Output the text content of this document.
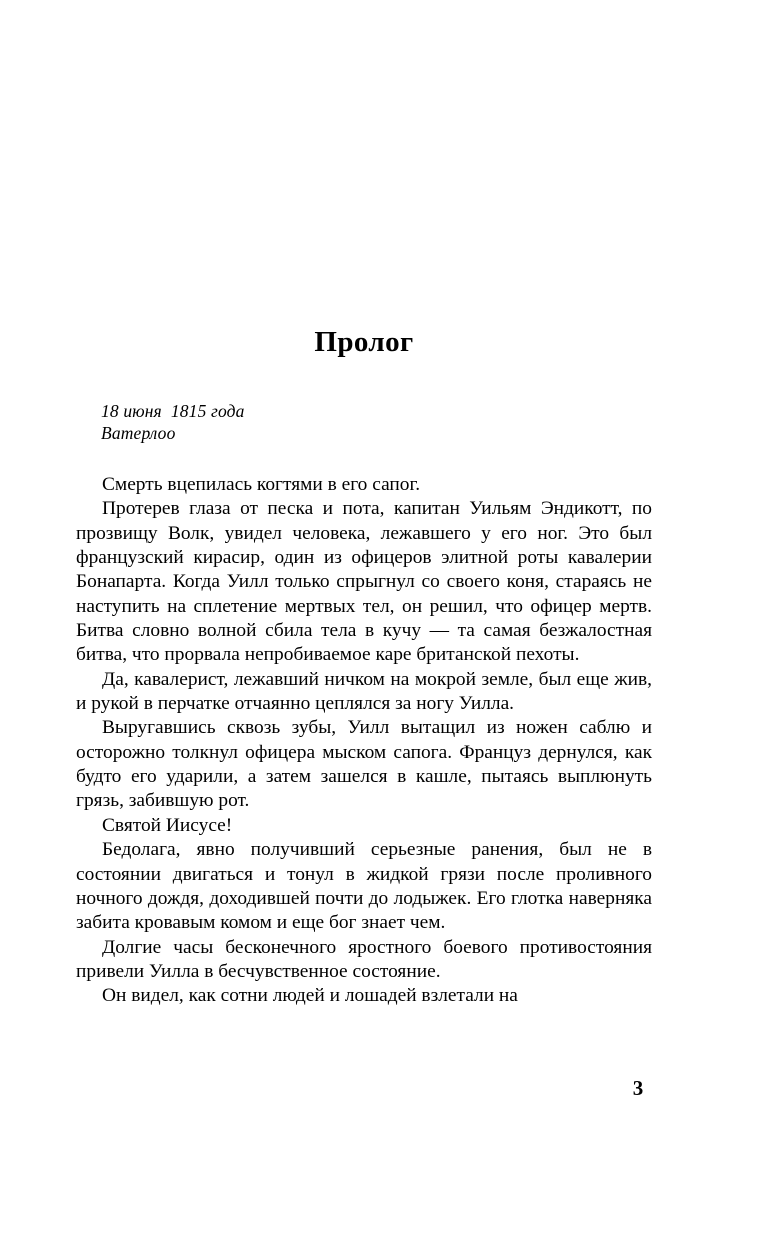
Пролог
18 июня  1815 года
Ватерлоо

Смерть вцепилась когтями в его сапог.

Протерев глаза от песка и пота, капитан Уильям Эндикотт, по прозвищу Волк, увидел человека, лежавшего у его ног. Это был французский кирасир, один из офицеров элитной роты кавалерии Бонапарта. Когда Уилл только спрыгнул со своего коня, стараясь не наступить на сплетение мертвых тел, он решил, что офицер мертв. Битва словно волной сбила тела в кучу — та самая безжалостная битва, что прорвала непробиваемое каре британской пехоты.

Да, кавалерист, лежавший ничком на мокрой земле, был еще жив, и рукой в перчатке отчаянно цеплялся за ногу Уилла.

Выругавшись сквозь зубы, Уилл вытащил из ножен саблю и осторожно толкнул офицера мыском сапога. Француз дернулся, как будто его ударили, а затем зашелся в кашле, пытаясь выплюнуть грязь, забившую рот.

Святой Иисусе!

Бедолага, явно получивший серьезные ранения, был не в состоянии двигаться и тонул в жидкой грязи после проливного ночного дождя, доходившей почти до лодыжек. Его глотка наверняка забита кровавым комом и еще бог знает чем.

Долгие часы бесконечного яростного боевого противостояния привели Уилла в бесчувственное состояние.

Он видел, как сотни людей и лошадей взлетали на

3
